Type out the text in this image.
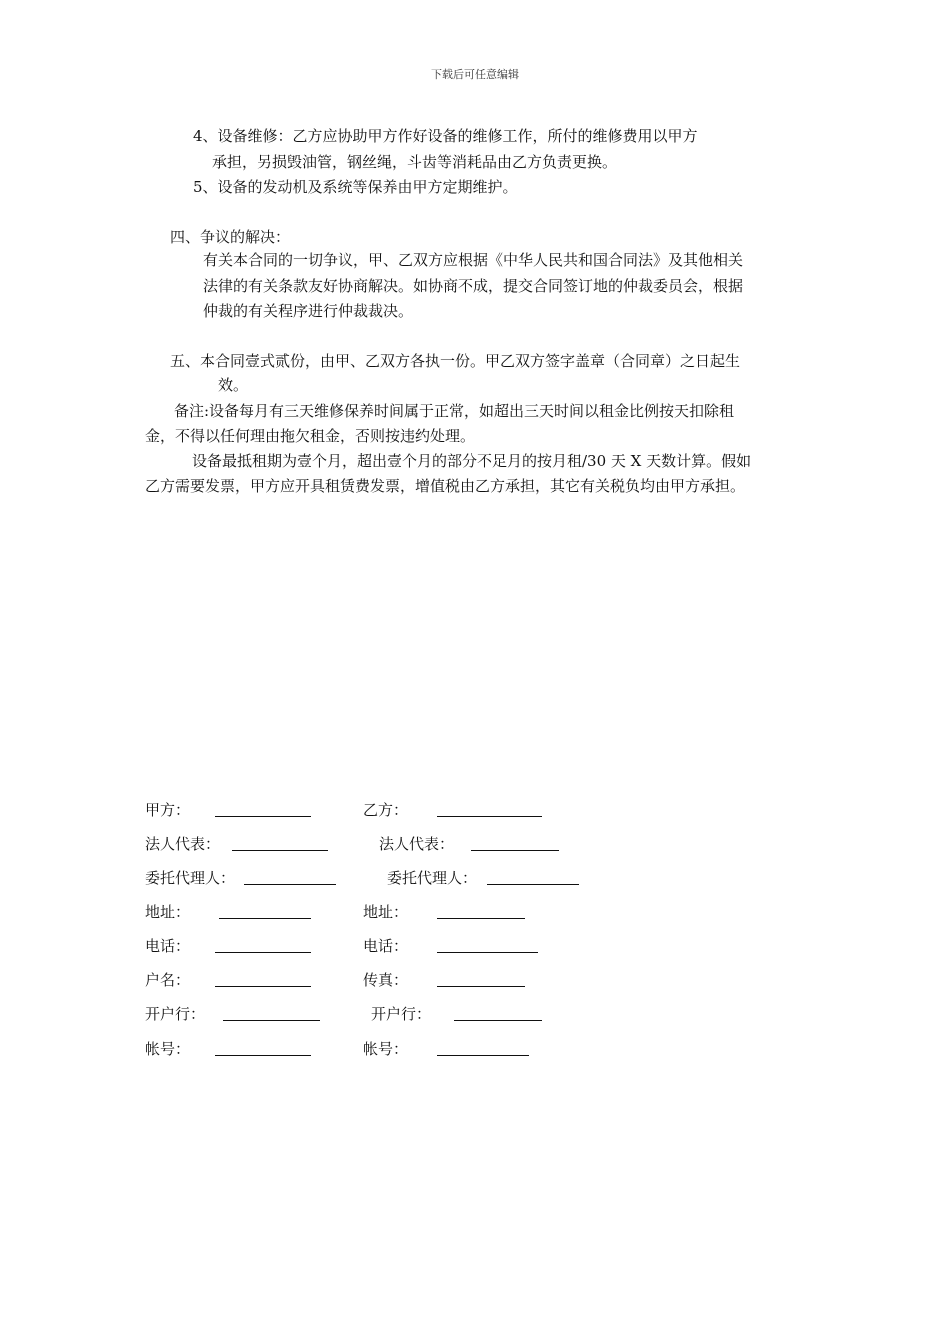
下载后可任意编辑
4、设备维修：乙方应协助甲方作好设备的维修工作，所付的维修费用以甲方
承担，另损毁油管，钢丝绳，斗齿等消耗品由乙方负责更换。
5、设备的发动机及系统等保养由甲方定期维护。
四、争议的解决：
有关本合同的一切争议，甲、乙双方应根据《中华人民共和国合同法》及其他相关
法律的有关条款友好协商解决。如协商不成，提交合同签订地的仲裁委员会，根据
仲裁的有关程序进行仲裁裁决。
五、本合同壹式贰份，由甲、乙双方各执一份。甲乙双方签字盖章（合同章）之日起生
效。
备注:设备每月有三天维修保养时间属于正常，如超出三天时间以租金比例按天扣除租
金，不得以任何理由拖欠租金，否则按违约处理。
设备最抵租期为壹个月，超出壹个月的部分不足月的按月租/30 天 X 天数计算。假如
乙方需要发票，甲方应开具租赁费发票，增值税由乙方承担，其它有关税负均由甲方承担。
甲方：	乙方：
法人代表：	法人代表：
委托代理人：	委托代理人：
地址：	地址：
电话：	电话：
户名：	传真：
开户行：	开户行：
帐号：	帐号：
